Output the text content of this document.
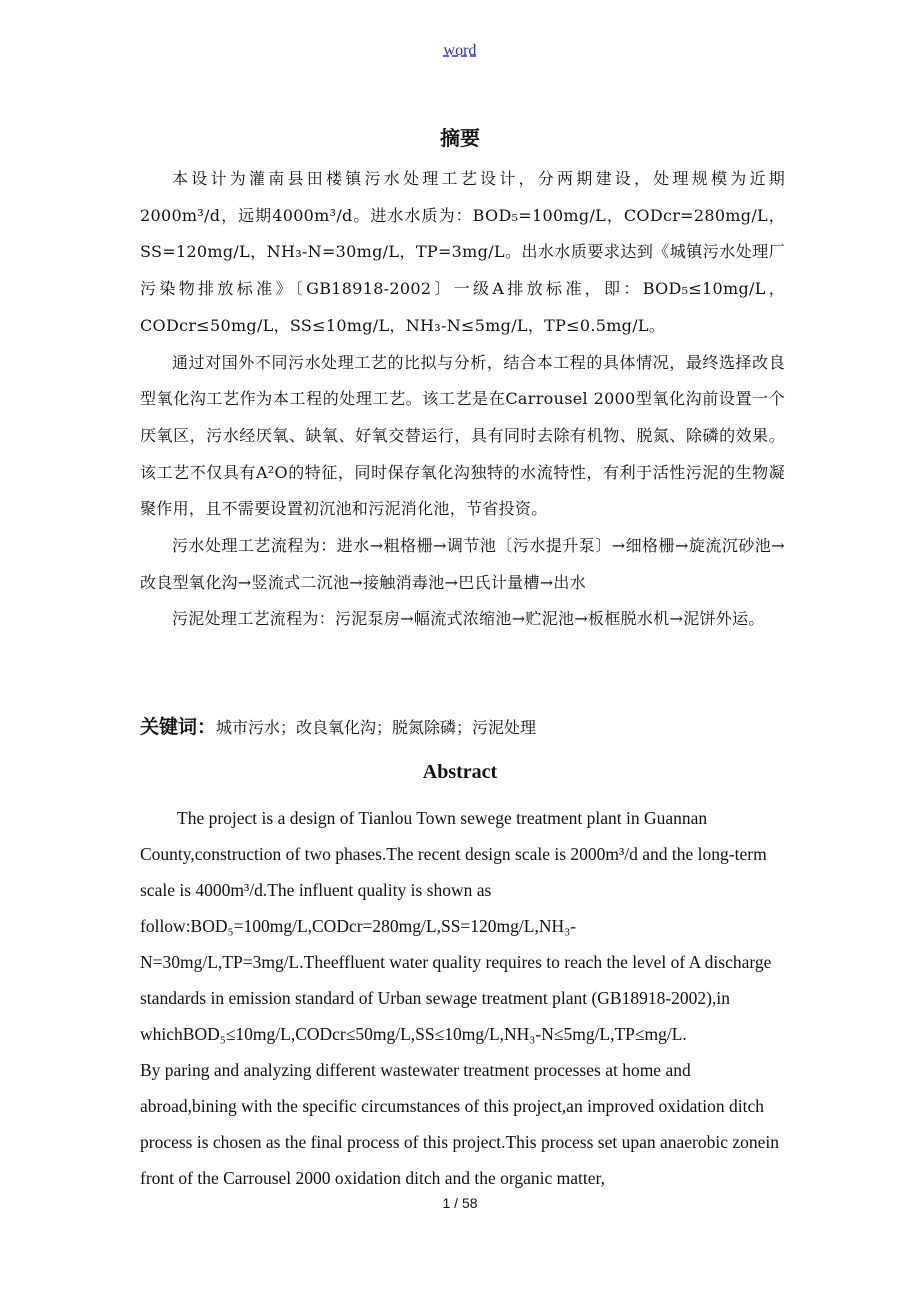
word
摘要

本设计为灌南县田楼镇污水处理工艺设计，分两期建设，处理规模为近期2000m³/d，远期4000m³/d。进水水质为：BOD₅=100mg/L，CODcr=280mg/L，SS=120mg/L，NH₃-N=30mg/L，TP=3mg/L。出水水质要求达到《城镇污水处理厂污染物排放标准》〔GB18918-2002〕一级A排放标准，即：BOD₅≤10mg/L，CODcr≤50mg/L，SS≤10mg/L，NH₃-N≤5mg/L，TP≤0.5mg/L。

通过对国外不同污水处理工艺的比拟与分析，结合本工程的具体情况，最终选择改良型氧化沟工艺作为本工程的处理工艺。该工艺是在Carrousel 2000型氧化沟前设置一个厌氧区，污水经厌氧、缺氧、好氧交替运行，具有同时去除有机物、脱氮、除磷的效果。该工艺不仅具有A²O的特征，同时保存氧化沟独特的水流特性，有利于活性污泥的生物凝聚作用，且不需要设置初沉池和污泥消化池，节省投资。

污水处理工艺流程为：进水→粗格栅→调节池〔污水提升泵〕→细格栅→旋流沉砂池→改良型氧化沟→竖流式二沉池→接触消毒池→巴氏计量槽→出水

污泥处理工艺流程为：污泥泵房→幅流式浓缩池→贮泥池→板框脱水机→泥饼外运。

关键词：城市污水；改良氧化沟；脱氮除磷；污泥处理
Abstract

The project is a design of Tianlou Town sewege treatment plant in Guannan County,construction of two phases.The recent design scale is 2000m³/d and the long-term scale is 4000m³/d.The influent quality is shown as follow:BOD₅=100mg/L,CODcr=280mg/L,SS=120mg/L,NH₃-N=30mg/L,TP=3mg/L.Theeffluent water quality requires to reach the level of A discharge standards in emission standard of Urban sewage treatment plant (GB18918-2002),in whichBOD₅≤10mg/L,CODcr≤50mg/L,SS≤10mg/L,NH₃-N≤5mg/L,TP≤mg/L.

By paring and analyzing different wastewater treatment processes at home and abroad,bining with the specific circumstances of this project,an improved oxidation ditch process is chosen as the final process of this project.This process set upan anaerobic zonein front of the Carrousel 2000 oxidation ditch and the organic matter,

1 / 58
